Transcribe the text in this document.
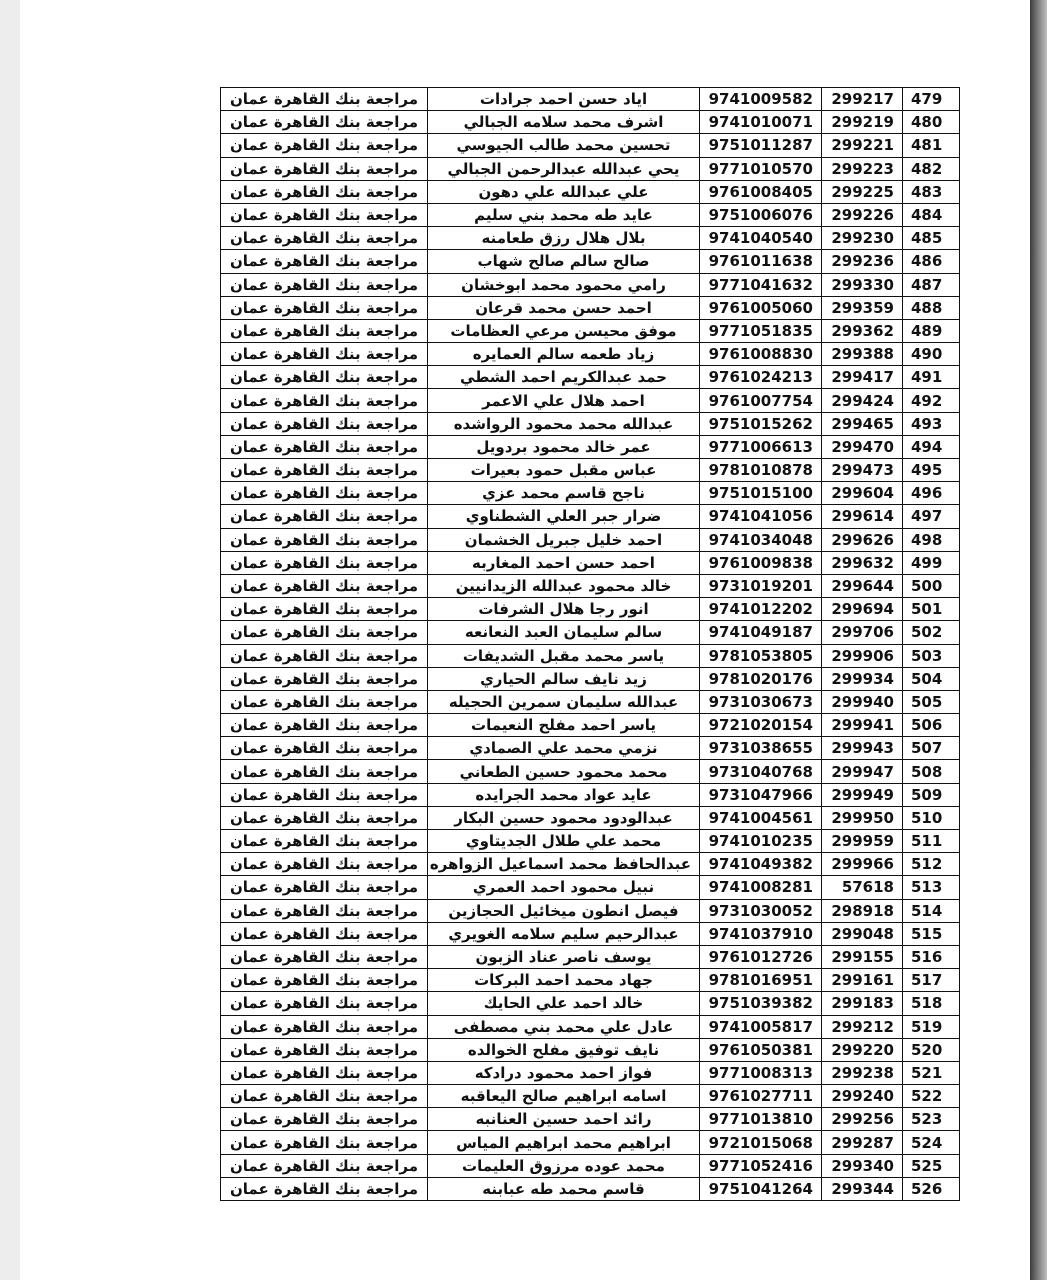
479	299217	9741009582	اياد حسن احمد جرادات	مراجعة بنك القاهرة عمان
480	299219	9741010071	اشرف محمد سلامه الجبالي	مراجعة بنك القاهرة عمان
481	299221	9751011287	تحسين محمد طالب الجيوسي	مراجعة بنك القاهرة عمان
482	299223	9771010570	يحي عبدالله عبدالرحمن الجبالي	مراجعة بنك القاهرة عمان
483	299225	9761008405	علي عبدالله علي دهون	مراجعة بنك القاهرة عمان
484	299226	9751006076	عايد طه محمد بني سليم	مراجعة بنك القاهرة عمان
485	299230	9741040540	بلال هلال رزق طعامنه	مراجعة بنك القاهرة عمان
486	299236	9761011638	صالح سالم صالح شهاب	مراجعة بنك القاهرة عمان
487	299330	9771041632	رامي محمود محمد ابوخشان	مراجعة بنك القاهرة عمان
488	299359	9761005060	احمد حسن محمد قرعان	مراجعة بنك القاهرة عمان
489	299362	9771051835	موفق محيسن مرعي العظامات	مراجعة بنك القاهرة عمان
490	299388	9761008830	زياد طعمه سالم العمايره	مراجعة بنك القاهرة عمان
491	299417	9761024213	حمد عبدالكريم احمد الشطي	مراجعة بنك القاهرة عمان
492	299424	9761007754	احمد هلال علي الاعمر	مراجعة بنك القاهرة عمان
493	299465	9751015262	عبدالله محمد محمود الرواشده	مراجعة بنك القاهرة عمان
494	299470	9771006613	عمر خالد محمود بردويل	مراجعة بنك القاهرة عمان
495	299473	9781010878	عباس مقبل حمود بعيرات	مراجعة بنك القاهرة عمان
496	299604	9751015100	ناجح قاسم محمد عزي	مراجعة بنك القاهرة عمان
497	299614	9741041056	ضرار جبر العلي الشطناوي	مراجعة بنك القاهرة عمان
498	299626	9741034048	احمد خليل جبريل الخشمان	مراجعة بنك القاهرة عمان
499	299632	9761009838	احمد حسن احمد المغاربه	مراجعة بنك القاهرة عمان
500	299644	9731019201	خالد محمود عبدالله الزيدانيين	مراجعة بنك القاهرة عمان
501	299694	9741012202	انور رجا هلال الشرفات	مراجعة بنك القاهرة عمان
502	299706	9741049187	سالم سليمان العبد النعانعه	مراجعة بنك القاهرة عمان
503	299906	9781053805	ياسر محمد مقبل الشديفات	مراجعة بنك القاهرة عمان
504	299934	9781020176	زيد نايف سالم الحياري	مراجعة بنك القاهرة عمان
505	299940	9731030673	عبدالله سليمان سمرين الحجيله	مراجعة بنك القاهرة عمان
506	299941	9721020154	ياسر احمد مفلح النعيمات	مراجعة بنك القاهرة عمان
507	299943	9731038655	نزمي محمد علي الصمادي	مراجعة بنك القاهرة عمان
508	299947	9731040768	محمد محمود حسين الطعاني	مراجعة بنك القاهرة عمان
509	299949	9731047966	عايد عواد محمد الجرايده	مراجعة بنك القاهرة عمان
510	299950	9741004561	عبدالودود محمود حسين البكار	مراجعة بنك القاهرة عمان
511	299959	9741010235	محمد علي طلال الجديتاوي	مراجعة بنك القاهرة عمان
512	299966	9741049382	عبدالحافظ محمد اسماعيل الزواهره	مراجعة بنك القاهرة عمان
513	57618	9741008281	نبيل محمود احمد العمري	مراجعة بنك القاهرة عمان
514	298918	9731030052	فيصل انطون ميخائيل الحجازين	مراجعة بنك القاهرة عمان
515	299048	9741037910	عبدالرحيم سليم سلامه الغويري	مراجعة بنك القاهرة عمان
516	299155	9761012726	يوسف ناصر عناد الزبون	مراجعة بنك القاهرة عمان
517	299161	9781016951	جهاد محمد احمد البركات	مراجعة بنك القاهرة عمان
518	299183	9751039382	خالد احمد علي الحايك	مراجعة بنك القاهرة عمان
519	299212	9741005817	عادل علي محمد بني مصطفى	مراجعة بنك القاهرة عمان
520	299220	9761050381	نايف توفيق مفلح الخوالده	مراجعة بنك القاهرة عمان
521	299238	9771008313	فواز احمد محمود درادكه	مراجعة بنك القاهرة عمان
522	299240	9761027711	اسامه ابراهيم صالح اليعاقبه	مراجعة بنك القاهرة عمان
523	299256	9771013810	رائد احمد حسين العنانبه	مراجعة بنك القاهرة عمان
524	299287	9721015068	ابراهيم محمد ابراهيم المياس	مراجعة بنك القاهرة عمان
525	299340	9771052416	محمد عوده مرزوق العليمات	مراجعة بنك القاهرة عمان
526	299344	9751041264	قاسم محمد طه عبابنه	مراجعة بنك القاهرة عمان
